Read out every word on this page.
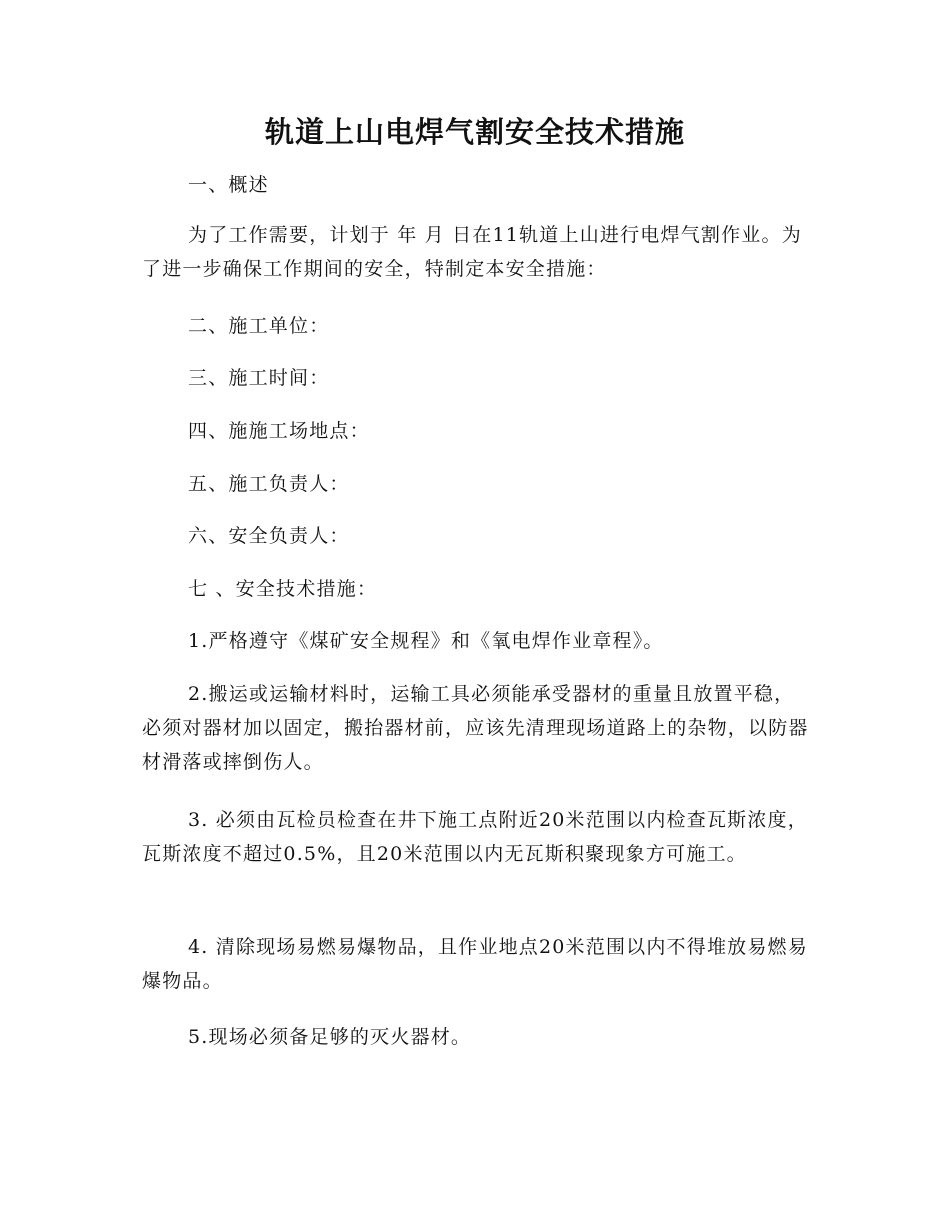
轨道上山电焊气割安全技术措施
一、概述
为了工作需要，计划于 年 月 日在11轨道上山进行电焊气割作业。为了进一步确保工作期间的安全，特制定本安全措施：
二、施工单位：
三、施工时间：
四、施施工场地点：
五、施工负责人：
六、安全负责人：
七 、安全技术措施：
1.严格遵守《煤矿安全规程》和《氧电焊作业章程》。
2.搬运或运输材料时，运输工具必须能承受器材的重量且放置平稳，必须对器材加以固定，搬抬器材前，应该先清理现场道路上的杂物，以防器材滑落或摔倒伤人。
3. 必须由瓦检员检查在井下施工点附近20米范围以内检查瓦斯浓度，瓦斯浓度不超过0.5%，且20米范围以内无瓦斯积聚现象方可施工。
4. 清除现场易燃易爆物品，且作业地点20米范围以内不得堆放易燃易爆物品。
5.现场必须备足够的灭火器材。
